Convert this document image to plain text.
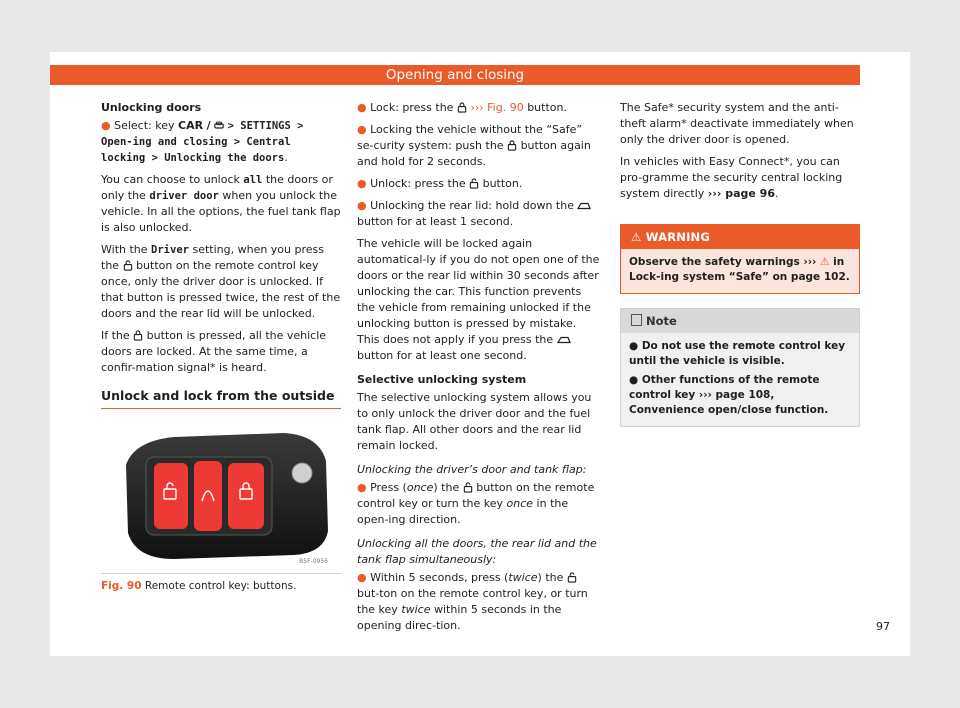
Opening and closing

Unlocking doors

● Select: key CAR / > SETTINGS > Open-ing and closing > Central locking > Unlocking the doors.

You can choose to unlock all the doors or only the driver door when you unlock the vehicle. In all the options, the fuel tank flap is also unlocked.

With the Driver setting, when you press the button on the remote control key once, only the driver door is unlocked. If that button is pressed twice, the rest of the doors and the rear lid will be unlocked.

If the button is pressed, all the vehicle doors are locked. At the same time, a confir-mation signal* is heard.

Unlock and lock from the outside

B5F-0956

Fig. 90 Remote control key: buttons.

● Lock: press the ››› Fig. 90 button.

● Locking the vehicle without the “Safe” se-curity system: push the button again and hold for 2 seconds.

● Unlock: press the button.

● Unlocking the rear lid: hold down the  button for at least 1 second.

The vehicle will be locked again automatical-ly if you do not open one of the doors or the rear lid within 30 seconds after unlocking the car. This function prevents the vehicle from remaining unlocked if the unlocking button is pressed by mistake. This does not apply if you press the  button for at least one second.

Selective unlocking system

The selective unlocking system allows you to only unlock the driver door and the fuel tank flap. All other doors and the rear lid remain locked.

Unlocking the driver’s door and tank flap:

● Press (once) the button on the remote control key or turn the key once in the open-ing direction.

Unlocking all the doors, the rear lid and the tank flap simultaneously:

● Within 5 seconds, press (twice) the  but-ton on the remote control key, or turn the key twice within 5 seconds in the opening direc-tion.

The Safe* security system and the anti-theft alarm* deactivate immediately when only the driver door is opened.

In vehicles with Easy Connect*, you can pro-gramme the security central locking system directly ››› page 96.

⚠ WARNING
Observe the safety warnings ››› ⚠ in Lock-ing system “Safe” on page 102.
Note

● Do not use the remote control key until the vehicle is visible.

● Other functions of the remote control key ››› page 108, Convenience open/close function.

97
